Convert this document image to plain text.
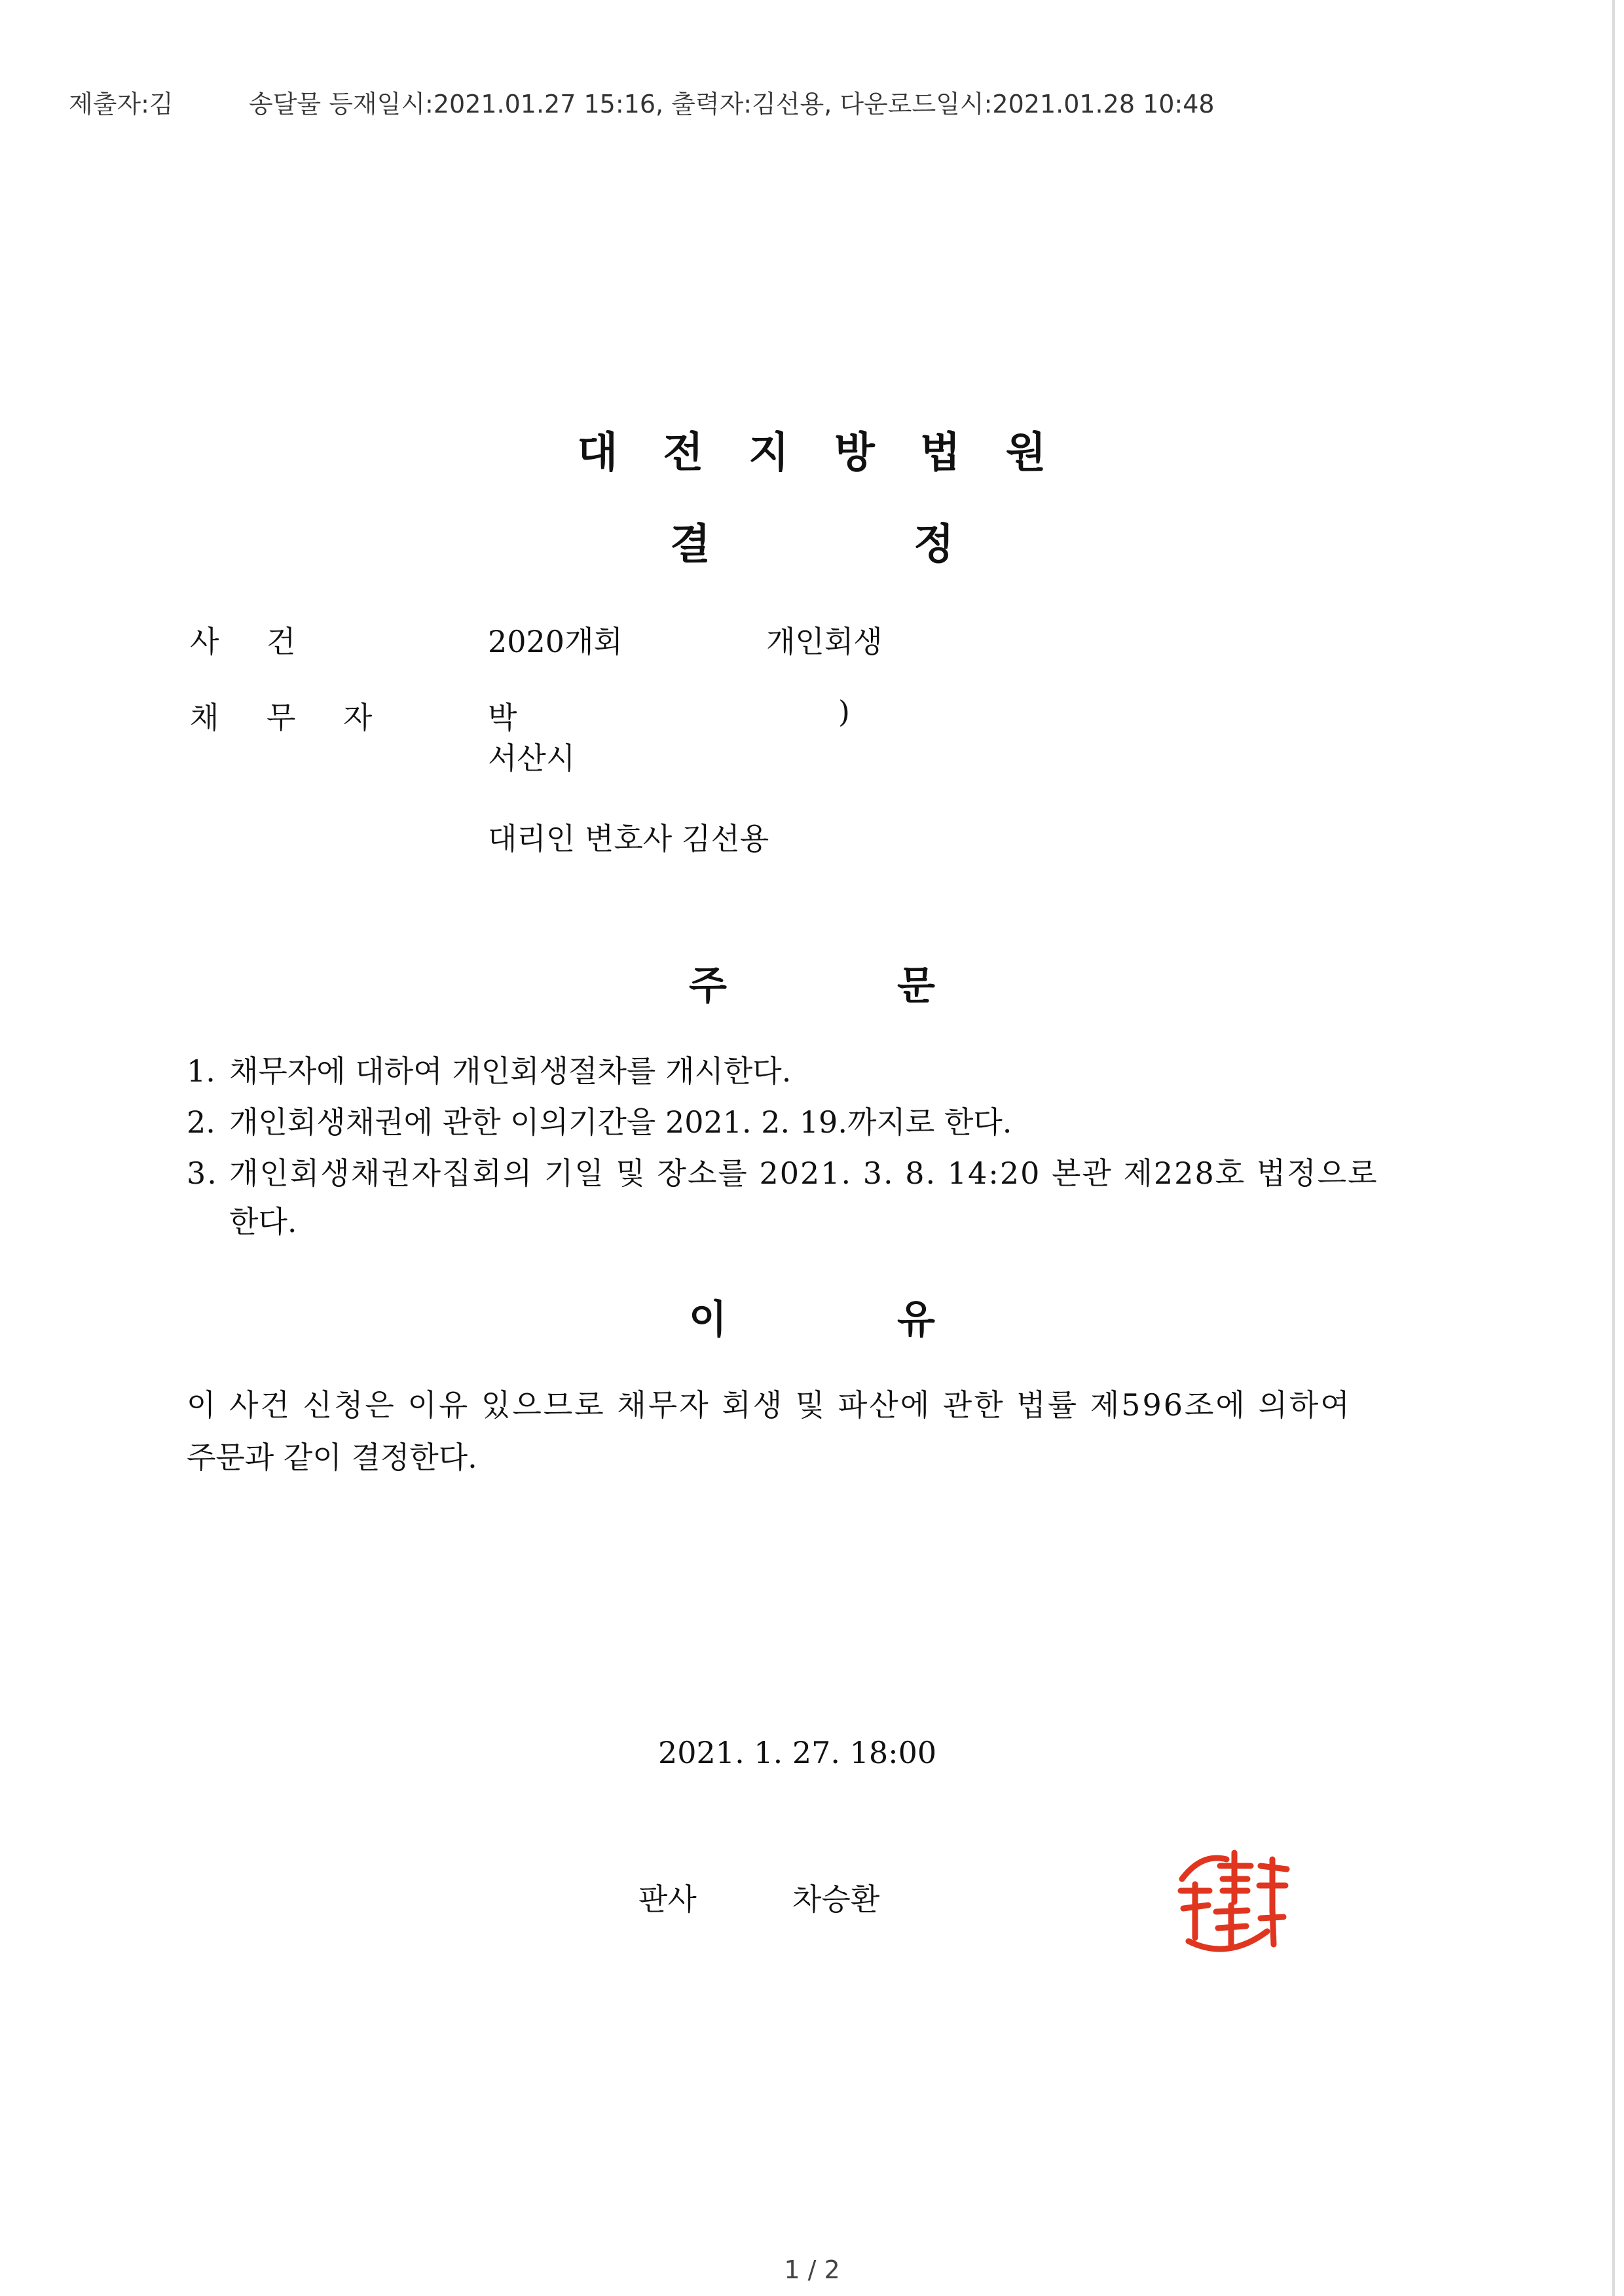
제출자:김	송달물 등재일시:2021.01.27 15:16, 출력자:김선용, 다운로드일시:2021.01.28 10:48
대 전 지 방 법 원
결	정
사 건	2020개회	개인회생
채 무 자	박	)
서산시
대리인 변호사 김선용
주	문
1. 채무자에 대하여 개인회생절차를 개시한다.
2. 개인회생채권에 관한 이의기간을 2021. 2. 19.까지로 한다.
3. 개인회생채권자집회의 기일 및 장소를 2021. 3. 8. 14:20 본관 제228호 법정으로
한다.
이	유
이 사건 신청은 이유 있으므로 채무자 회생 및 파산에 관한 법률 제596조에 의하여
주문과 같이 결정한다.
2021. 1. 27. 18:00
판사	차승환
1 / 2
